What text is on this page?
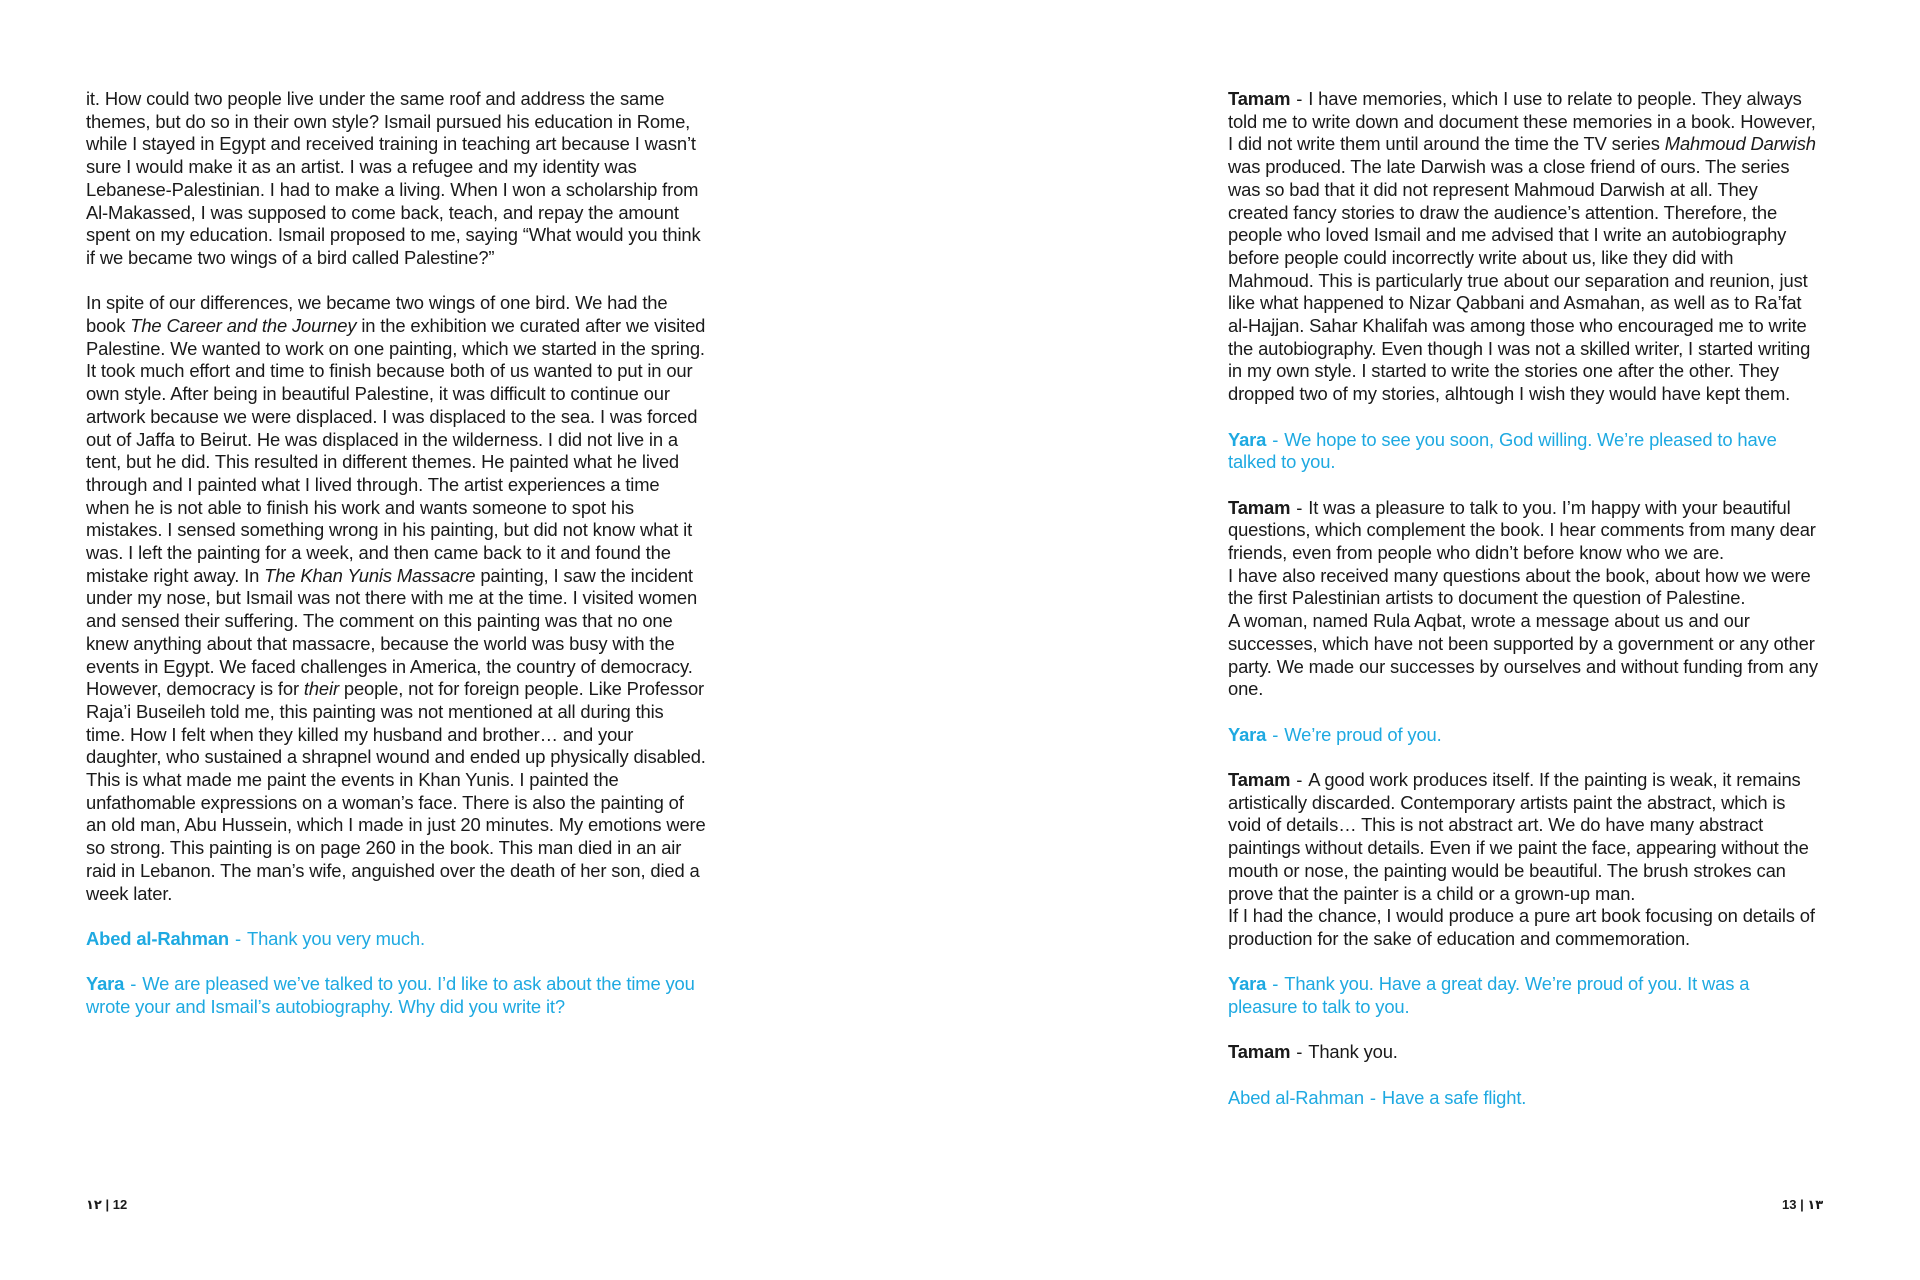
it. How could two people live under the same roof and address the same themes, but do so in their own style? Ismail pursued his education in Rome, while I stayed in Egypt and received training in teaching art because I wasn’t sure I would make it as an artist. I was a refugee and my identity was Lebanese-Palestinian. I had to make a living. When I won a scholarship from Al-Makassed, I was supposed to come back, teach, and repay the amount spent on my education. Ismail proposed to me, saying “What would you think if we became two wings of a bird called Palestine?”

In spite of our differences, we became two wings of one bird. We had the book The Career and the Journey in the exhibition we curated after we visited Palestine. We wanted to work on one painting, which we started in the spring. It took much effort and time to finish because both of us wanted to put in our own style. After being in beautiful Palestine, it was difficult to continue our artwork because we were displaced. I was displaced to the sea. I was forced out of Jaffa to Beirut. He was displaced in the wilderness. I did not live in a tent, but he did. This resulted in different themes. He painted what he lived through and I painted what I lived through. The artist experiences a time when he is not able to finish his work and wants someone to spot his mistakes. I sensed something wrong in his painting, but did not know what it was. I left the painting for a week, and then came back to it and found the mistake right away. In The Khan Yunis Massacre painting, I saw the incident under my nose, but Ismail was not there with me at the time. I visited women and sensed their suffering. The comment on this painting was that no one knew anything about that massacre, because the world was busy with the events in Egypt. We faced challenges in America, the country of democracy. However, democracy is for their people, not for foreign people. Like Professor Raja’i Buseileh told me, this painting was not mentioned at all during this time. How I felt when they killed my husband and brother… and your daughter, who sustained a shrapnel wound and ended up physically disabled. This is what made me paint the events in Khan Yunis. I painted the unfathomable expressions on a woman’s face. There is also the painting of an old man, Abu Hussein, which I made in just 20 minutes. My emotions were so strong. This painting is on page 260 in the book. This man died in an air raid in Lebanon. The man’s wife, anguished over the death of her son, died a week later.

Abed al-Rahman - Thank you very much.

Yara - We are pleased we’ve talked to you. I’d like to ask about the time you wrote your and Ismail’s autobiography. Why did you write it?

١٢ | 12

Tamam - I have memories, which I use to relate to people. They always told me to write down and document these memories in a book. However, I did not write them until around the time the TV series Mahmoud Darwish was produced. The late Darwish was a close friend of ours. The series was so bad that it did not represent Mahmoud Darwish at all. They created fancy stories to draw the audience’s attention. Therefore, the people who loved Ismail and me advised that I write an autobiography before people could incorrectly write about us, like they did with Mahmoud. This is particularly true about our separation and reunion, just like what happened to Nizar Qabbani and Asmahan, as well as to Ra’fat al-Hajjan. Sahar Khalifah was among those who encouraged me to write the autobiography. Even though I was not a skilled writer, I started writing in my own style. I started to write the stories one after the other. They dropped two of my stories, alhtough I wish they would have kept them.

Yara - We hope to see you soon, God willing. We’re pleased to have talked to you.

Tamam - It was a pleasure to talk to you. I’m happy with your beautiful questions, which complement the book. I hear comments from many dear friends, even from people who didn’t before know who we are.
I have also received many questions about the book, about how we were the first Palestinian artists to document the question of Palestine.
A woman, named Rula Aqbat, wrote a message about us and our successes, which have not been supported by a government or any other party. We made our successes by ourselves and without funding from any one.

Yara - We’re proud of you.

Tamam - A good work produces itself. If the painting is weak, it remains artistically discarded. Contemporary artists paint the abstract, which is void of details… This is not abstract art. We do have many abstract paintings without details. Even if we paint the face, appearing without the mouth or nose, the painting would be beautiful. The brush strokes can prove that the painter is a child or a grown-up man.
If I had the chance, I would produce a pure art book focusing on details of production for the sake of education and commemoration.

Yara - Thank you. Have a great day. We’re proud of you. It was a pleasure to talk to you.

Tamam - Thank you.

Abed al-Rahman - Have a safe flight.

13 | ١٣
